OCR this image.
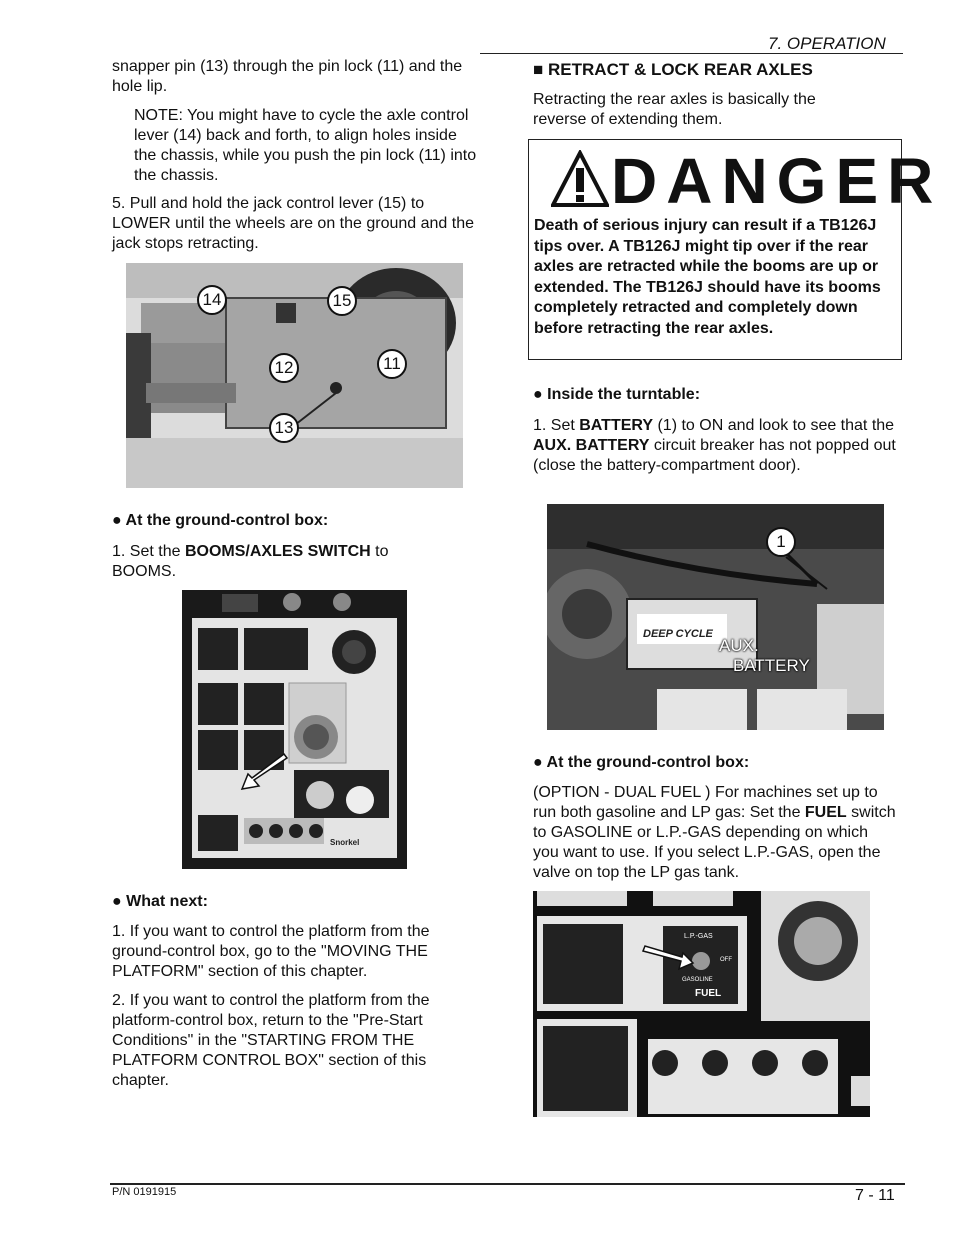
7. OPERATION

snapper pin (13) through the pin lock (11) and the hole lip.

NOTE: You might have to cycle the axle control lever (14) back and forth, to align holes inside the chassis, while you push the pin lock (11) into the chassis.

5. Pull and hold the jack control lever (15) to LOWER until the wheels are on the ground and the jack stops retracting.

14	15
12	11
13
● At the ground-control box:

1. Set the BOOMS/AXLES SWITCH to BOOMS.

Snorkel
● What next:

1. If you want to control the platform from the ground-control box, go to the "MOVING THE PLATFORM" section of this chapter.

2. If you want to control the platform from the platform-control box, return to the "Pre-Start Conditions" in the "STARTING FROM THE PLATFORM CONTROL BOX" section of this chapter.

■ RETRACT & LOCK REAR AXLES

Retracting the rear axles is basically the reverse of extending them.

DANGER

Death of serious injury can result if a TB126J tips over. A TB126J might tip over if the rear axles are retracted while the booms are up or extended. The TB126J should have its booms completely retracted and completely down before retracting the rear axles.

● Inside the turntable:

1. Set BATTERY (1) to ON and look to see that the AUX. BATTERY circuit breaker has not popped out (close the battery-compartment door).

DEEP CYCLE
1
AUX.
BATTERY
● At the ground-control box:

(OPTION - DUAL FUEL ) For machines set up to run both gasoline and LP gas: Set the FUEL switch to GASOLINE or L.P.-GAS depending on which you want to use. If you select L.P.-GAS, open the valve on top the LP gas tank.

L.P.-GAS
OFF
GASOLINE
FUEL
P/N 0191915	7 - 11
